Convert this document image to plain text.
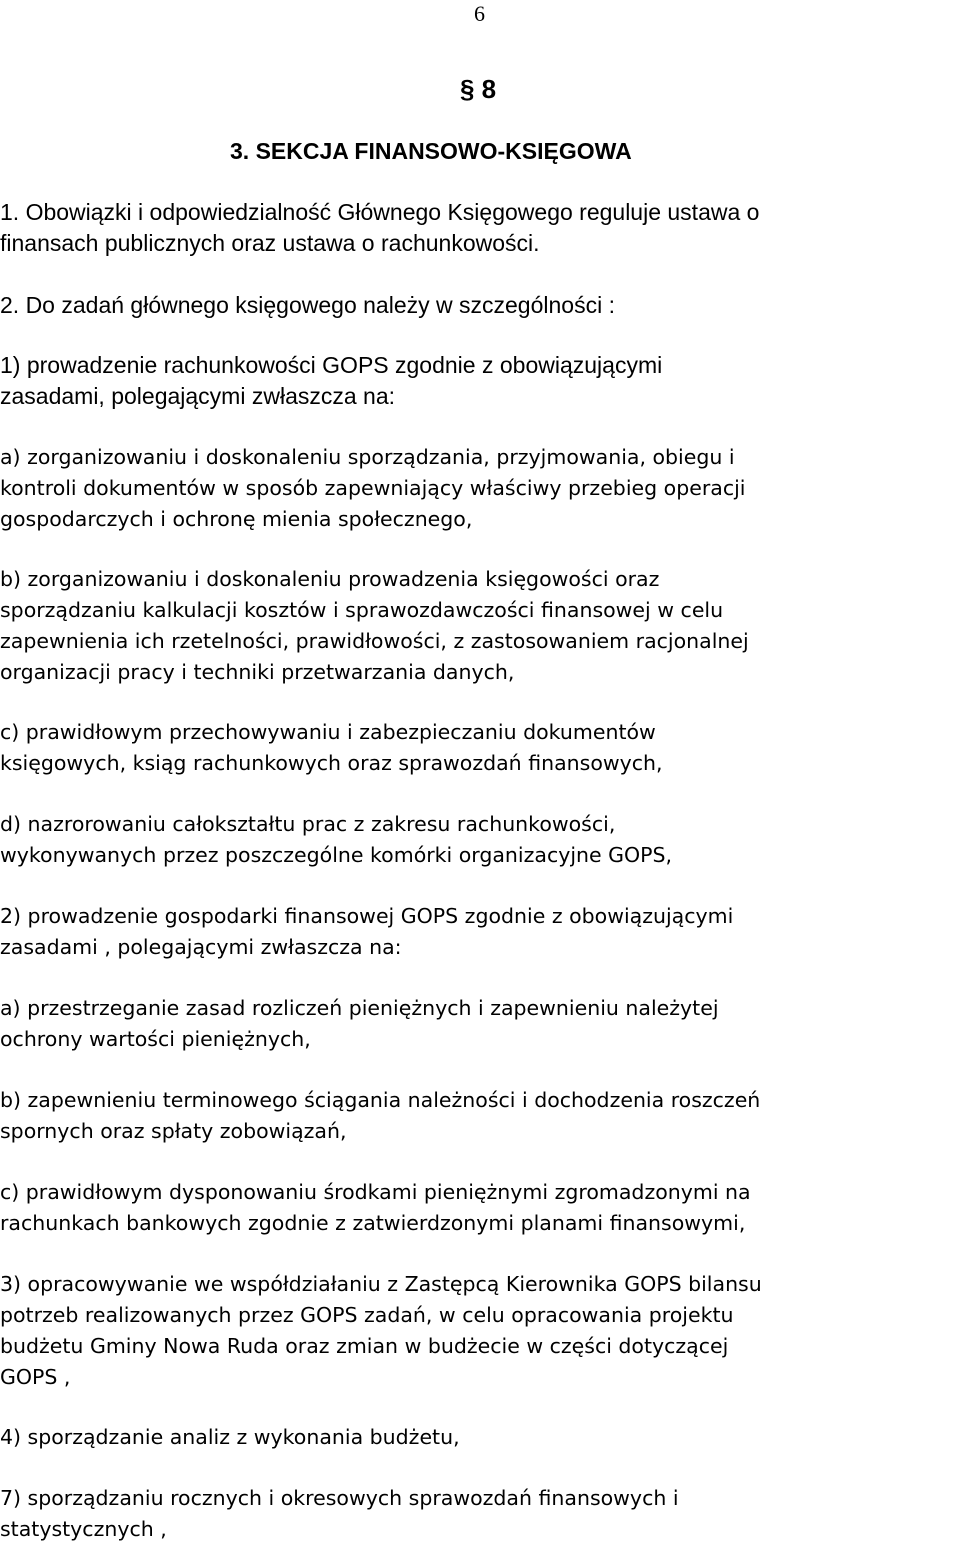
6
§ 8
3. SEKCJA FINANSOWO-KSIĘGOWA
1. Obowiązki i odpowiedzialność Głównego Księgowego reguluje ustawa o
finansach publicznych oraz ustawa o rachunkowości.
2. Do zadań głównego księgowego należy w szczególności :
1) prowadzenie rachunkowości GOPS zgodnie z obowiązującymi
zasadami, polegającymi zwłaszcza na:
a) zorganizowaniu i doskonaleniu sporządzania, przyjmowania, obiegu i
kontroli dokumentów w sposób zapewniający właściwy przebieg operacji
gospodarczych i ochronę mienia społecznego,
b) zorganizowaniu i doskonaleniu prowadzenia księgowości oraz
sporządzaniu kalkulacji kosztów i sprawozdawczości finansowej w celu
zapewnienia ich rzetelności, prawidłowości, z zastosowaniem racjonalnej
organizacji pracy i techniki przetwarzania danych,
c) prawidłowym przechowywaniu i zabezpieczaniu dokumentów
księgowych, ksiąg rachunkowych oraz sprawozdań finansowych,
d) nazrorowaniu całokształtu prac z zakresu rachunkowości,
wykonywanych przez poszczególne komórki organizacyjne GOPS,
2) prowadzenie gospodarki finansowej GOPS zgodnie z obowiązującymi
zasadami , polegającymi zwłaszcza na:
a) przestrzeganie zasad rozliczeń pieniężnych i zapewnieniu należytej
ochrony wartości pieniężnych,
b) zapewnieniu terminowego ściągania należności i dochodzenia roszczeń
spornych oraz spłaty zobowiązań,
c) prawidłowym dysponowaniu środkami pieniężnymi zgromadzonymi na
rachunkach bankowych zgodnie z zatwierdzonymi planami finansowymi,
3) opracowywanie we współdziałaniu z Zastępcą Kierownika GOPS bilansu
potrzeb realizowanych przez GOPS zadań, w celu opracowania projektu
budżetu Gminy Nowa Ruda oraz zmian w budżecie w części dotyczącej
GOPS ,
4) sporządzanie analiz z wykonania budżetu,
7) sporządzaniu rocznych i okresowych sprawozdań finansowych i
statystycznych ,
